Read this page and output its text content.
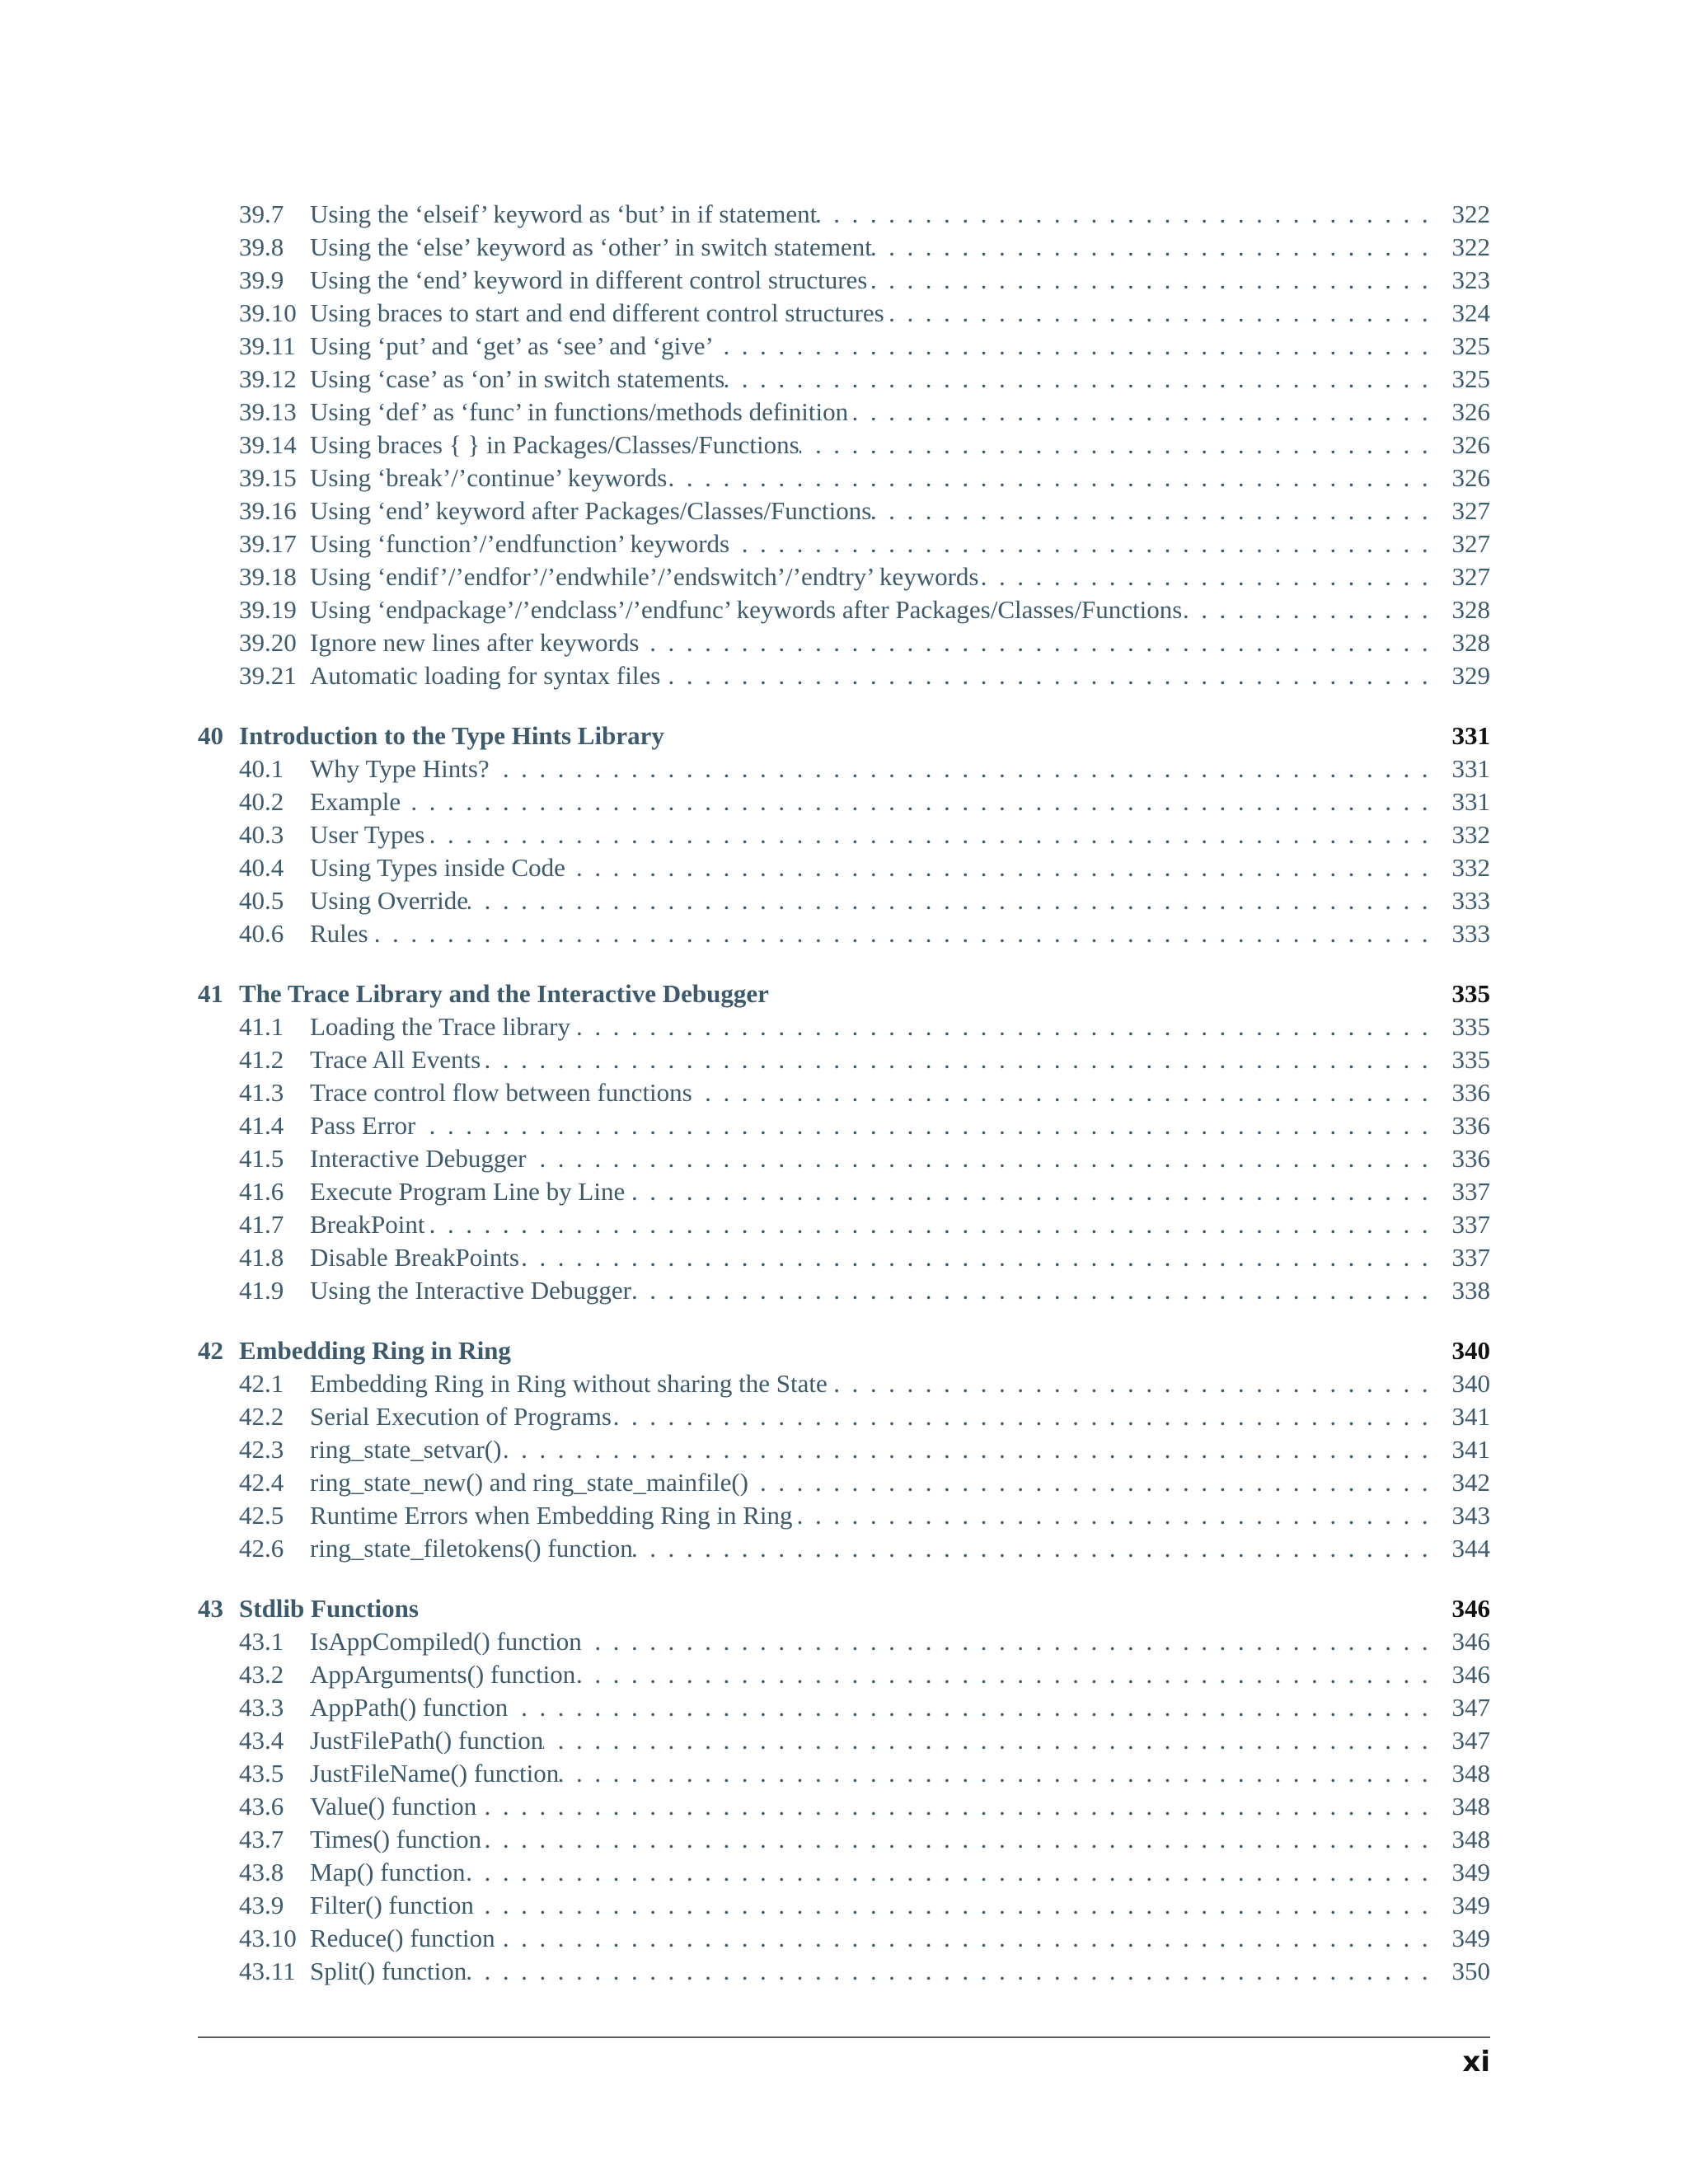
39.7	Using the ‘elseif’ keyword as ‘but’ in if statement . . .	322
39.8	Using the ‘else’ keyword as ‘other’ in switch statement . . .	322
39.9	Using the ‘end’ keyword in different control structures . . .	323
39.10 Using braces to start and end different control structures . . .	324
39.11 Using ‘put’ and ‘get’ as ‘see’ and ‘give’ . . .	325
39.12 Using ‘case’ as ‘on’ in switch statements . . .	325
39.13 Using ‘def’ as ‘func’ in functions/methods definition . . .	326
39.14 Using braces { } in Packages/Classes/Functions . . .	326
39.15 Using ‘break’/’continue’ keywords . . .	326
39.16 Using ‘end’ keyword after Packages/Classes/Functions . . .	327
39.17 Using ‘function’/’endfunction’ keywords . . .	327
39.18 Using ‘endif’/’endfor’/’endwhile’/’endswitch’/’endtry’ keywords . . .	327
39.19 Using ‘endpackage’/’endclass’/’endfunc’ keywords after Packages/Classes/Functions . . .	328
39.20 Ignore new lines after keywords . . .	328
39.21 Automatic loading for syntax files . . .	329
40 Introduction to the Type Hints Library	331
40.1	Why Type Hints? . . .	331
40.2	Example . . .	331
40.3	User Types . . .	332
40.4	Using Types inside Code . . .	332
40.5	Using Override . . .	333
40.6	Rules . . .	333
41 The Trace Library and the Interactive Debugger	335
41.1	Loading the Trace library . . .	335
41.2	Trace All Events . . .	335
41.3	Trace control flow between functions . . .	336
41.4	Pass Error . . .	336
41.5	Interactive Debugger . . .	336
41.6	Execute Program Line by Line . . .	337
41.7	BreakPoint . . .	337
41.8	Disable BreakPoints . . .	337
41.9	Using the Interactive Debugger . . .	338
42 Embedding Ring in Ring	340
42.1	Embedding Ring in Ring without sharing the State . . .	340
42.2	Serial Execution of Programs . . .	341
42.3	ring_state_setvar() . . .	341
42.4	ring_state_new() and ring_state_mainfile() . . .	342
42.5	Runtime Errors when Embedding Ring in Ring . . .	343
42.6	ring_state_filetokens() function . . .	344
43 Stdlib Functions	346
43.1	IsAppCompiled() function . . .	346
43.2	AppArguments() function . . .	346
43.3	AppPath() function . . .	347
43.4	JustFilePath() function . . .	347
43.5	JustFileName() function . . .	348
43.6	Value() function . . .	348
43.7	Times() function . . .	348
43.8	Map() function . . .	349
43.9	Filter() function . . .	349
43.10 Reduce() function . . .	349
43.11 Split() function . . .	350
xi
